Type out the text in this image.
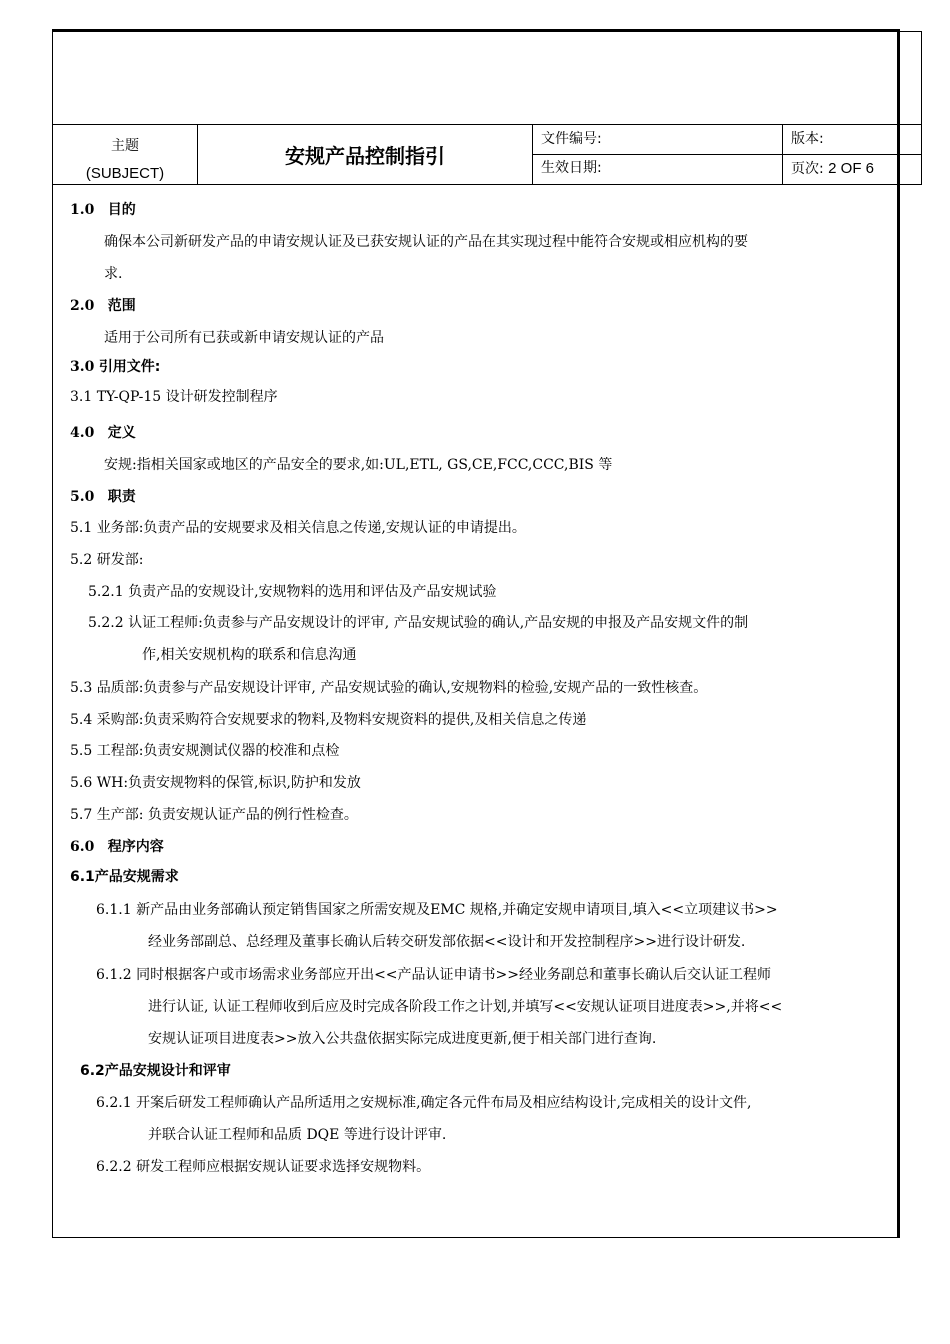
主题
(SUBJECT)
安规产品控制指引
文件编号:	版本:
生效日期:	页次: 2 OF 6
1.0 目的
确保本公司新研发产品的申请安规认证及已获安规认证的产品在其实现过程中能符合安规或相应机构的要
求.
2.0 范围
适用于公司所有已获或新申请安规认证的产品
3.0 引用文件:
3.1 TY-QP-15 设计研发控制程序
4.0 定义
安规:指相关国家或地区的产品安全的要求,如:UL,ETL, GS,CE,FCC,CCC,BIS 等
5.0 职责
5.1 业务部:负责产品的安规要求及相关信息之传递,安规认证的申请提出。
5.2 研发部:
5.2.1 负责产品的安规设计,安规物料的选用和评估及产品安规试验
5.2.2 认证工程师:负责参与产品安规设计的评审, 产品安规试验的确认,产品安规的申报及产品安规文件的制
作,相关安规机构的联系和信息沟通
5.3 品质部:负责参与产品安规设计评审, 产品安规试验的确认,安规物料的检验,安规产品的一致性核查。
5.4 采购部:负责采购符合安规要求的物料,及物料安规资料的提供,及相关信息之传递
5.5 工程部:负责安规测试仪器的校准和点检
5.6 WH:负责安规物料的保管,标识,防护和发放
5.7 生产部: 负责安规认证产品的例行性检查。
6.0 程序内容
6.1产品安规需求
6.1.1 新产品由业务部确认预定销售国家之所需安规及EMC 规格,并确定安规申请项目,填入<<立项建议书>>
经业务部副总、总经理及董事长确认后转交研发部依据<<设计和开发控制程序>>进行设计研发.
6.1.2 同时根据客户或市场需求业务部应开出<<产品认证申请书>>经业务副总和董事长确认后交认证工程师
进行认证, 认证工程师收到后应及时完成各阶段工作之计划,并填写<<安规认证项目进度表>>,并将<<
安规认证项目进度表>>放入公共盘依据实际完成进度更新,便于相关部门进行查询.
6.2产品安规设计和评审
6.2.1 开案后研发工程师确认产品所适用之安规标准,确定各元件布局及相应结构设计,完成相关的设计文件,
并联合认证工程师和品质 DQE 等进行设计评审.
6.2.2 研发工程师应根据安规认证要求选择安规物料。
